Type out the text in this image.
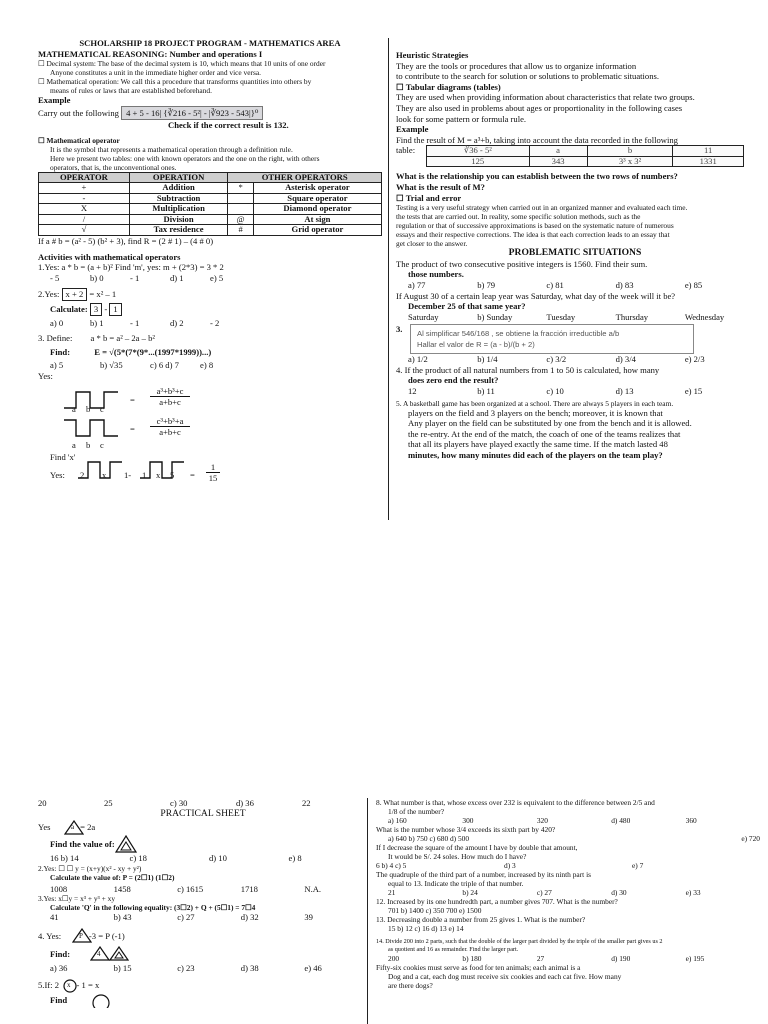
SCHOLARSHIP 18 PROJECT PROGRAM - MATHEMATICS AREA
MATHEMATICAL REASONING: Number and operations I
☐ Decimal system: The base of the decimal system is 10, which means that 10 units of one order
Anyone constitutes a unit in the immediate higher order and vice versa.
☐ Mathematical operation: We call this a procedure that transforms quantities into others by
means of rules or laws that are established beforehand.
Example
Carry out the following 4 + 5 - 16| {∛216 - 5²| - |∛923 - 543|}⁰
Check if the correct result is 132.
☐ Mathematical operator
It is the symbol that represents a mathematical operation through a definition rule.
Here we present two tables: one with known operators and the one on the right, with others
operators, that is, the unconventional ones.
OPERATOR	OPERATION	OTHER OPERATORS	
+	Addition	*	Asterisk operator
-	Subtraction		Square operator
X	Multiplication		Diamond operator
/	Division	@	At sign
√	Tax residence	#	Grid operator
If a # b = (a² - 5) (b² + 3), find R = (2 # 1) – (4 # 0)
Activities with mathematical operators
1.Yes: a * b = (a + b)² Find 'm', yes: m + (2*3) = 3 * 2
- 5	b) 0	- 1	d) 1	e) 5
2.Yes: x + 2 = x² – 1
Calculate: 3 - 1
a) 0	b) 1	- 1	d) 2	- 2
3. Define: a * b = a² – 2a – b²
Find:	E = √(5*(7*(9*...(1997*1999))...)
a) 5	b) √35	c) 6 d) 7	e) 8
Yes:
a b c
=
a³+b³+c
a+b+c
a b c
=
c³+b³+a
a+b+c
Find 'x'
Yes: 2 x 1- 1 x 5 =
1
15
Heuristic Strategies
They are the tools or procedures that allow us to organize information
to contribute to the search for solution or solutions to problematic situations.
☐ Tabular diagrams (tables)
They are used when providing information about characteristics that relate two groups.
They are also used in problems about ages or proportionality in the following cases
look for some pattern or formula rule.
Example
Find the result of M = a³+b, taking into account the data recorded in the following
table:	∛36 - 5²	a	b	11
125	343	3³ x 3²	1331
What is the relationship you can establish between the two rows of numbers?
What is the result of M?
☐ Trial and error
Testing is a very useful strategy when carried out in an organized manner and evaluated each time.
the tests that are carried out. In reality, some specific solution methods, such as the
regulation or that of successive approximations is based on the systematic nature of numerous
essays and their respective corrections. The idea is that each correction leads to an essay that
get closer to the answer.
PROBLEMATIC SITUATIONS
The product of two consecutive positive integers is 1560. Find their sum.
those numbers.
a) 77	b) 79	c) 81	d) 83	e) 85
If August 30 of a certain leap year was Saturday, what day of the week will it be?
December 25 of that same year?
Saturday	b) Sunday	Tuesday	Thursday	Wednesday
3.	Al simplificar 546/168 , se obtiene la fracción irreductible a/b
Hallar el valor de R = (a - b)/(b + 2)
a) 1/2	b) 1/4	c) 3/2	d) 3/4	e) 2/3
4. If the product of all natural numbers from 1 to 50 is calculated, how many
does zero end the result?
12	b) 11	c) 10	d) 13	e) 15
5. A basketball game has been organized at a school. There are always 5 players in each team.
players on the field and 3 players on the bench; moreover, it is known that
Any player on the field can be substituted by one from the bench and it is allowed.
the re-entry. At the end of the match, the coach of one of the teams realizes that
that all its players have played exactly the same time. If the match lasted 48
minutes, how many minutes did each of the players on the team play?
20	25	c) 30	d) 36	22
PRACTICAL SHEET
Yes	a = 2a
Find the value of:
16 b) 14	c) 18	d) 10	e) 8
2.Yes: ☐ ☐ y = (x+y)(x² - xy + y²)
Calculate the value of: P = (2☐1) (1☐2)
1008	1458	c) 1615	1718	N.A.
3.Yes: x☐y = x³ + y³ + xy
Calculate 'Q' in the following equality: (3☐2) + Q + (5☐1) = 7☐4
41	b) 43	c) 27	d) 32	39
4. Yes:	P -3 = P (-1)
Find:	4
a) 36	b) 15	c) 23	d) 38	e) 46
5.If: 2 x - 1 = x
Find
8. What number is that, whose excess over 232 is equivalent to the difference between 2/5 and
1/8 of the number?
a) 160	300	320	d) 480	360
What is the number whose 3/4 exceeds its sixth part by 420?
a) 640 b) 750 c) 680 d) 500	e) 720
If I decrease the square of the amount I have by double that amount,
It would be S/. 24 soles. How much do I have?
6 b) 4 c) 5	d) 3	e) 7
The quadruple of the third part of a number, increased by its ninth part is
equal to 13. Indicate the triple of that number.
21	b) 24	c) 27	d) 30	e) 33
12. Increased by its one hundredth part, a number gives 707. What is the number?
701 b) 1400 c) 350 700 e) 1500
13. Decreasing double a number from 25 gives 1. What is the number?
15 b) 12 c) 16 d) 13 e) 14
14. Divide 200 into 2 parts, such that the double of the larger part divided by the triple of the smaller part gives us 2
as quotient and 16 as remainder. Find the larger part.
200	b) 180	27	d) 190	e) 195
Fifty-six cookies must serve as food for ten animals; each animal is a
Dog and a cat, each dog must receive six cookies and each cat five. How many
are there dogs?
